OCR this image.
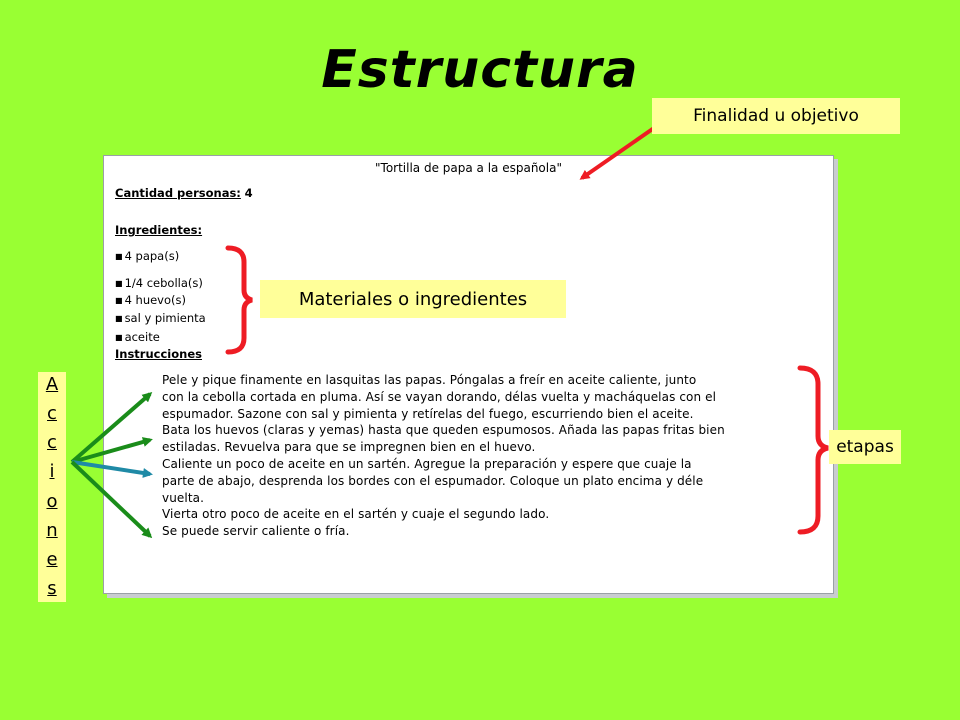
Estructura
"Tortilla de papa a la española"
Cantidad personas: 4
Ingredientes:
■ 4 papa(s)
■ 1/4 cebolla(s)
■ 4 huevo(s)
■ sal y pimienta
■ aceite
Instrucciones
Pele y pique finamente en lasquitas las papas. Póngalas a freír en aceite caliente, junto
con la cebolla cortada en pluma. Así se vayan dorando, délas vuelta y macháquelas con el
espumador. Sazone con sal y pimienta y retírelas del fuego, escurriendo bien el aceite.
Bata los huevos (claras y yemas) hasta que queden espumosos. Añada las papas fritas bien
estiladas. Revuelva para que se impregnen bien en el huevo.
Caliente un poco de aceite en un sartén. Agregue la preparación y espere que cuaje la
parte de abajo, desprenda los bordes con el espumador. Coloque un plato encima y déle
vuelta.
Vierta otro poco de aceite en el sartén y cuaje el segundo lado.
Se puede servir caliente o fría.
Finalidad u objetivo
Materiales o ingredientes
etapas
A
c
c
i
o
n
e
s
